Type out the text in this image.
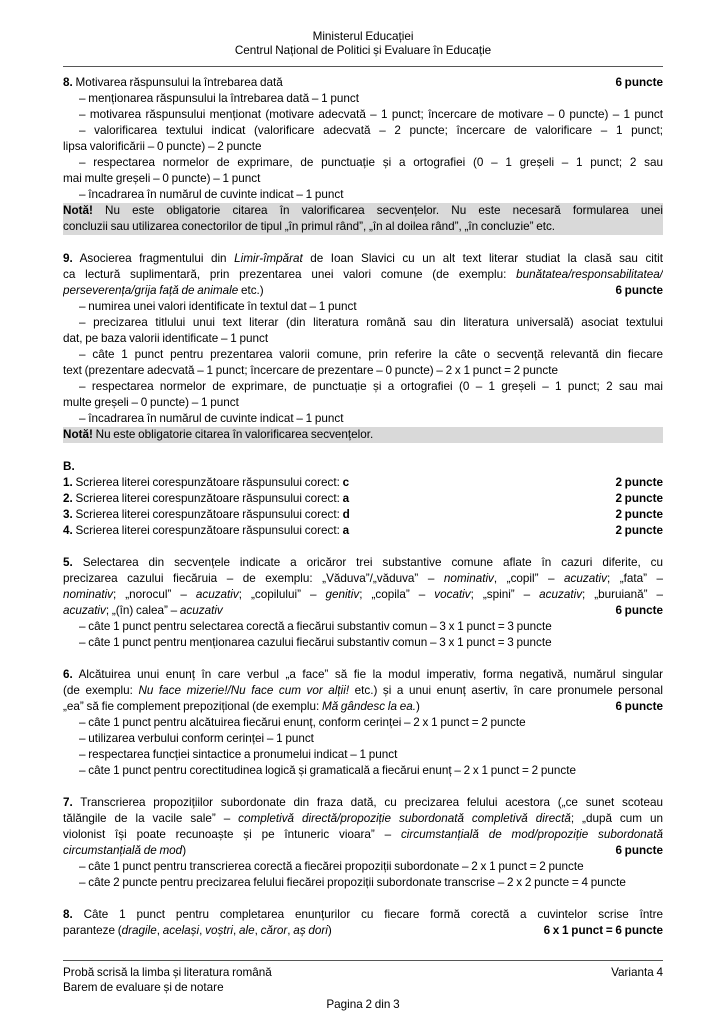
Ministerul Educației
Centrul Național de Politici și Evaluare în Educație
8. Motivarea răspunsului la întrebarea dată	6 puncte
– menționarea răspunsului la întrebarea dată – 1 punct
– motivarea răspunsului menționat (motivare adecvată – 1 punct; încercare de motivare – 0 puncte) – 1 punct
– valorificarea textului indicat (valorificare adecvată – 2 puncte; încercare de valorificare – 1 punct;
lipsa valorificării – 0 puncte) – 2 puncte
– respectarea normelor de exprimare, de punctuație și a ortografiei (0 – 1 greșeli – 1 punct; 2 sau
mai multe greșeli – 0 puncte) – 1 punct
– încadrarea în numărul de cuvinte indicat – 1 punct
Notă! Nu este obligatorie citarea în valorificarea secvențelor. Nu este necesară formularea unei
concluzii sau utilizarea conectorilor de tipul „în primul rând”, „în al doilea rând”, „în concluzie” etc.
9. Asocierea fragmentului din Limir-împărat de Ioan Slavici cu un alt text literar studiat la clasă sau citit
ca lectură suplimentară, prin prezentarea unei valori comune (de exemplu: bunătatea/responsabilitatea/
perseverența/grija față de animale etc.)	6 puncte
– numirea unei valori identificate în textul dat – 1 punct
– precizarea titlului unui text literar (din literatura română sau din literatura universală) asociat textului
dat, pe baza valorii identificate – 1 punct
– câte 1 punct pentru prezentarea valorii comune, prin referire la câte o secvență relevantă din fiecare
text (prezentare adecvată – 1 punct; încercare de prezentare – 0 puncte) – 2 x 1 punct = 2 puncte
– respectarea normelor de exprimare, de punctuație și a ortografiei (0 – 1 greșeli – 1 punct; 2 sau mai
multe greșeli – 0 puncte) – 1 punct
– încadrarea în numărul de cuvinte indicat – 1 punct
Notă! Nu este obligatorie citarea în valorificarea secvențelor.
B.
1. Scrierea literei corespunzătoare răspunsului corect: c	2 puncte
2. Scrierea literei corespunzătoare răspunsului corect: a	2 puncte
3. Scrierea literei corespunzătoare răspunsului corect: d	2 puncte
4. Scrierea literei corespunzătoare răspunsului corect: a	2 puncte
5. Selectarea din secvențele indicate a oricăror trei substantive comune aflate în cazuri diferite, cu
precizarea cazului fiecăruia – de exemplu: „Văduva”/„văduva” – nominativ, „copil” – acuzativ; „fata” –
nominativ; „norocul” – acuzativ; „copilului” – genitiv; „copila” – vocativ; „spini” – acuzativ; „buruiană” –
acuzativ; „(în) calea” – acuzativ	6 puncte
– câte 1 punct pentru selectarea corectă a fiecărui substantiv comun – 3 x 1 punct = 3 puncte
– câte 1 punct pentru menționarea cazului fiecărui substantiv comun – 3 x 1 punct = 3 puncte
6. Alcătuirea unui enunț în care verbul „a face” să fie la modul imperativ, forma negativă, numărul singular
(de exemplu: Nu face mizerie!/Nu face cum vor alții! etc.) și a unui enunț asertiv, în care pronumele personal
„ea” să fie complement prepozițional (de exemplu: Mă gândesc la ea.)	6 puncte
– câte 1 punct pentru alcătuirea fiecărui enunț, conform cerinței – 2 x 1 punct = 2 puncte
– utilizarea verbului conform cerinței – 1 punct
– respectarea funcției sintactice a pronumelui indicat – 1 punct
– câte 1 punct pentru corectitudinea logică și gramaticală a fiecărui enunț – 2 x 1 punct = 2 puncte
7. Transcrierea propozițiilor subordonate din fraza dată, cu precizarea felului acestora („ce sunet scoteau
tălăngile de la vacile sale” – completivă directă/propoziție subordonată completivă directă; „după cum un
violonist își poate recunoaște și pe întuneric vioara” – circumstanțială de mod/propoziție subordonată
circumstanțială de mod)	6 puncte
– câte 1 punct pentru transcrierea corectă a fiecărei propoziții subordonate – 2 x 1 punct = 2 puncte
– câte 2 puncte pentru precizarea felului fiecărei propoziții subordonate transcrise – 2 x 2 puncte = 4 puncte
8. Câte 1 punct pentru completarea enunțurilor cu fiecare formă corectă a cuvintelor scrise între
paranteze (dragile, același, voștri, ale, căror, aș dori)	6 x 1 punct = 6 puncte
Probă scrisă la limba și literatura română	Varianta 4
Barem de evaluare și de notare
Pagina 2 din 3
